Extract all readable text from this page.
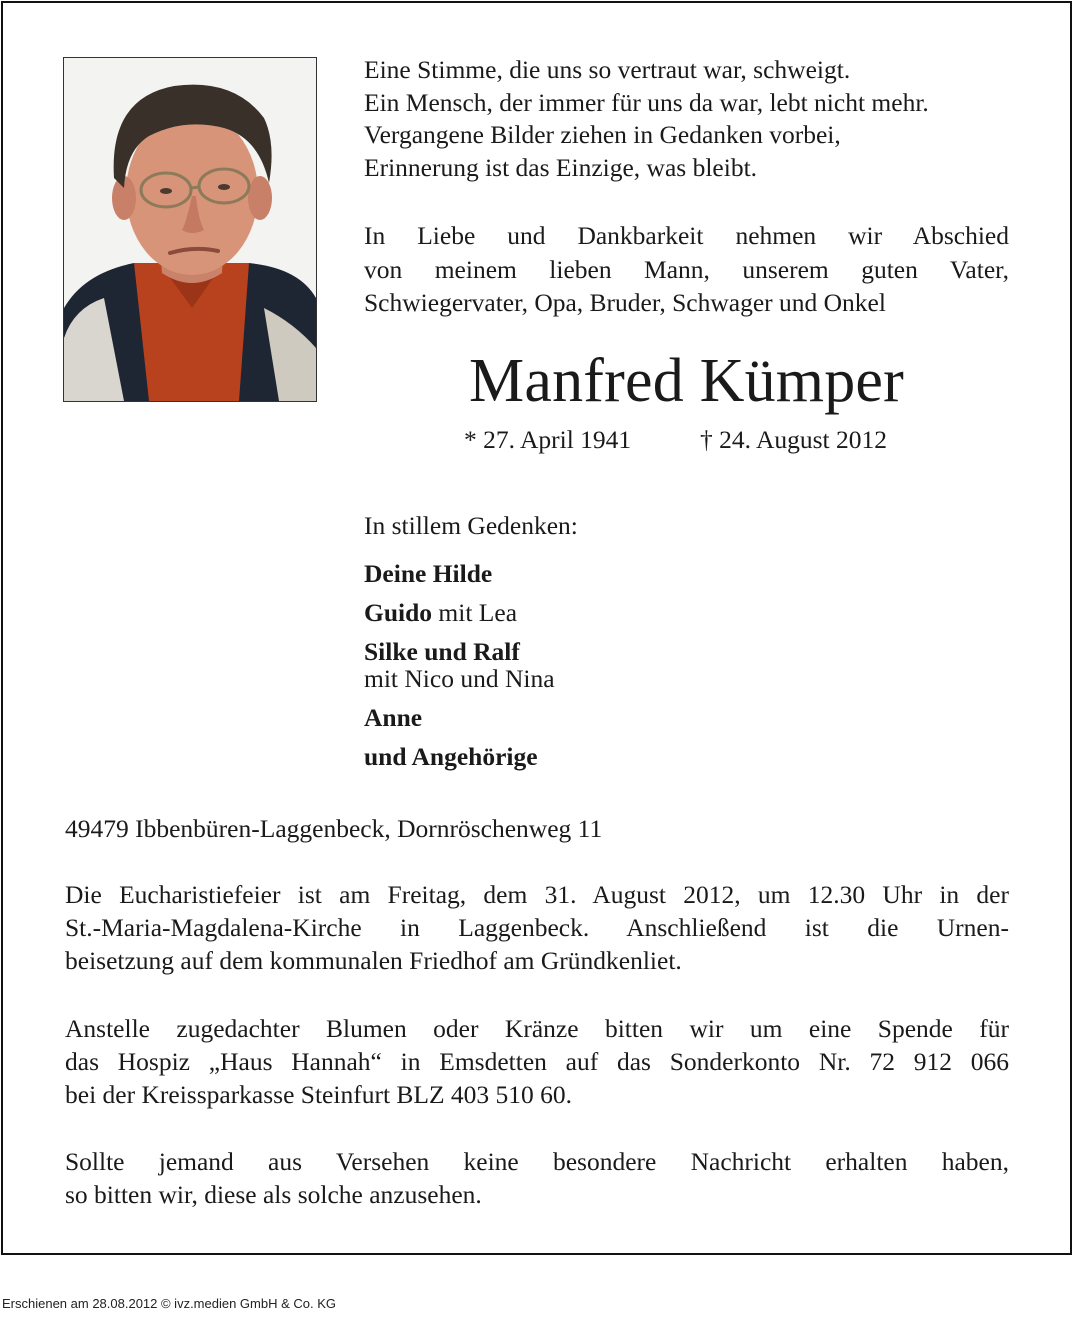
Eine Stimme, die uns so vertraut war, schweigt.
Ein Mensch, der immer für uns da war, lebt nicht mehr.
Vergangene Bilder ziehen in Gedanken vorbei,
Erinnerung ist das Einzige, was bleibt.
In Liebe und Dankbarkeit nehmen wir Abschied
von meinem lieben Mann, unserem guten Vater,
Schwiegervater, Opa, Bruder, Schwager und Onkel
Manfred Kümper
* 27. April 1941	† 24. August 2012
In stillem Gedenken:
Deine Hilde
Guido mit Lea
Silke und Ralf
mit Nico und Nina
Anne
und Angehörige
49479 Ibbenbüren-Laggenbeck, Dornröschenweg 11
Die Eucharistiefeier ist am Freitag, dem 31. August 2012, um 12.30 Uhr in der
St.-Maria-Magdalena-Kirche in Laggenbeck. Anschließend ist die Urnen-
beisetzung auf dem kommunalen Friedhof am Gründkenliet.
Anstelle zugedachter Blumen oder Kränze bitten wir um eine Spende für
das Hospiz „Haus Hannah“ in Emsdetten auf das Sonderkonto Nr. 72 912 066
bei der Kreissparkasse Steinfurt BLZ 403 510 60.
Sollte jemand aus Versehen keine besondere Nachricht erhalten haben,
so bitten wir, diese als solche anzusehen.
Erschienen am 28.08.2012 © ivz.medien GmbH & Co. KG
